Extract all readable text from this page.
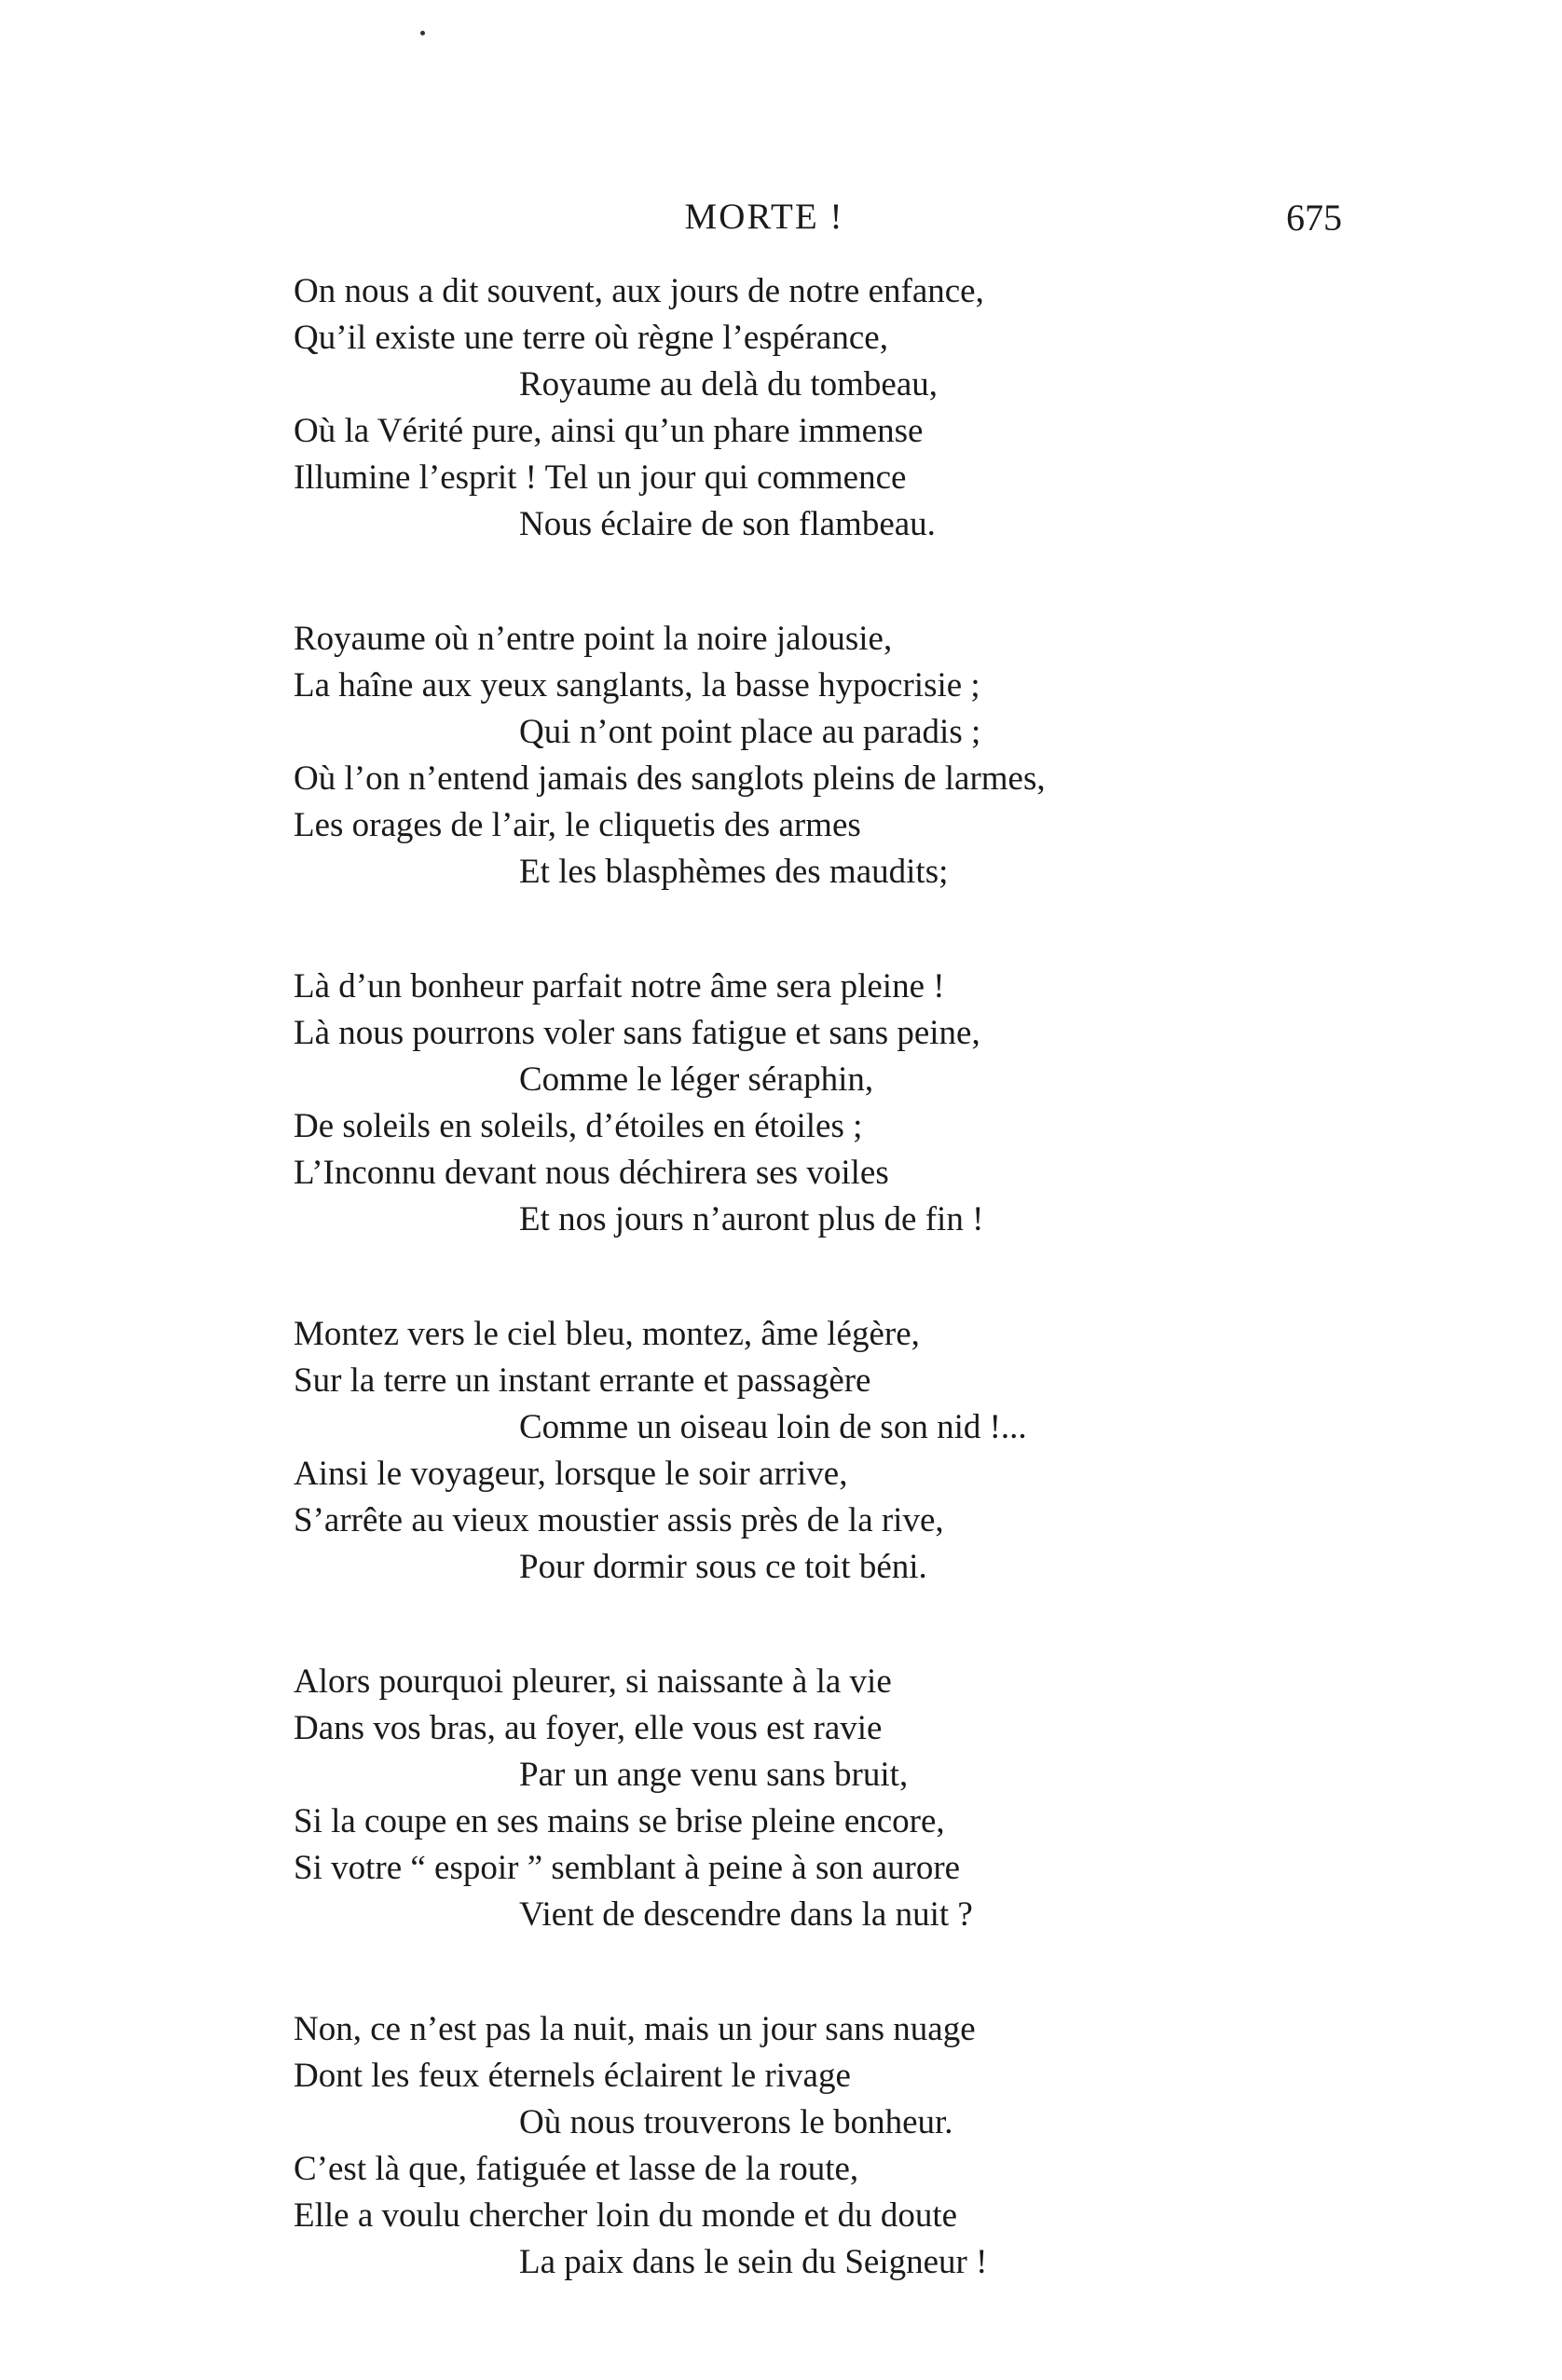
MORTE !	675
On nous a dit souvent, aux jours de notre enfance,
Qu’il existe une terre où règne l’espérance,
Royaume au delà du tombeau,
Où la Vérité pure, ainsi qu’un phare immense
Illumine l’esprit ! Tel un jour qui commence
Nous éclaire de son flambeau.
Royaume où n’entre point la noire jalousie,
La haîne aux yeux sanglants, la basse hypocrisie ;
Qui n’ont point place au paradis ;
Où l’on n’entend jamais des sanglots pleins de larmes,
Les orages de l’air, le cliquetis des armes
Et les blasphèmes des maudits;
Là d’un bonheur parfait notre âme sera pleine !
Là nous pourrons voler sans fatigue et sans peine,
Comme le léger séraphin,
De soleils en soleils, d’étoiles en étoiles ;
L’Inconnu devant nous déchirera ses voiles
Et nos jours n’auront plus de fin !
Montez vers le ciel bleu, montez, âme légère,
Sur la terre un instant errante et passagère
Comme un oiseau loin de son nid !...
Ainsi le voyageur, lorsque le soir arrive,
S’arrête au vieux moustier assis près de la rive,
Pour dormir sous ce toit béni.
Alors pourquoi pleurer, si naissante à la vie
Dans vos bras, au foyer, elle vous est ravie
Par un ange venu sans bruit,
Si la coupe en ses mains se brise pleine encore,
Si votre “ espoir ” semblant à peine à son aurore
Vient de descendre dans la nuit ?
Non, ce n’est pas la nuit, mais un jour sans nuage
Dont les feux éternels éclairent le rivage
Où nous trouverons le bonheur.
C’est là que, fatiguée et lasse de la route,
Elle a voulu chercher loin du monde et du doute
La paix dans le sein du Seigneur !
